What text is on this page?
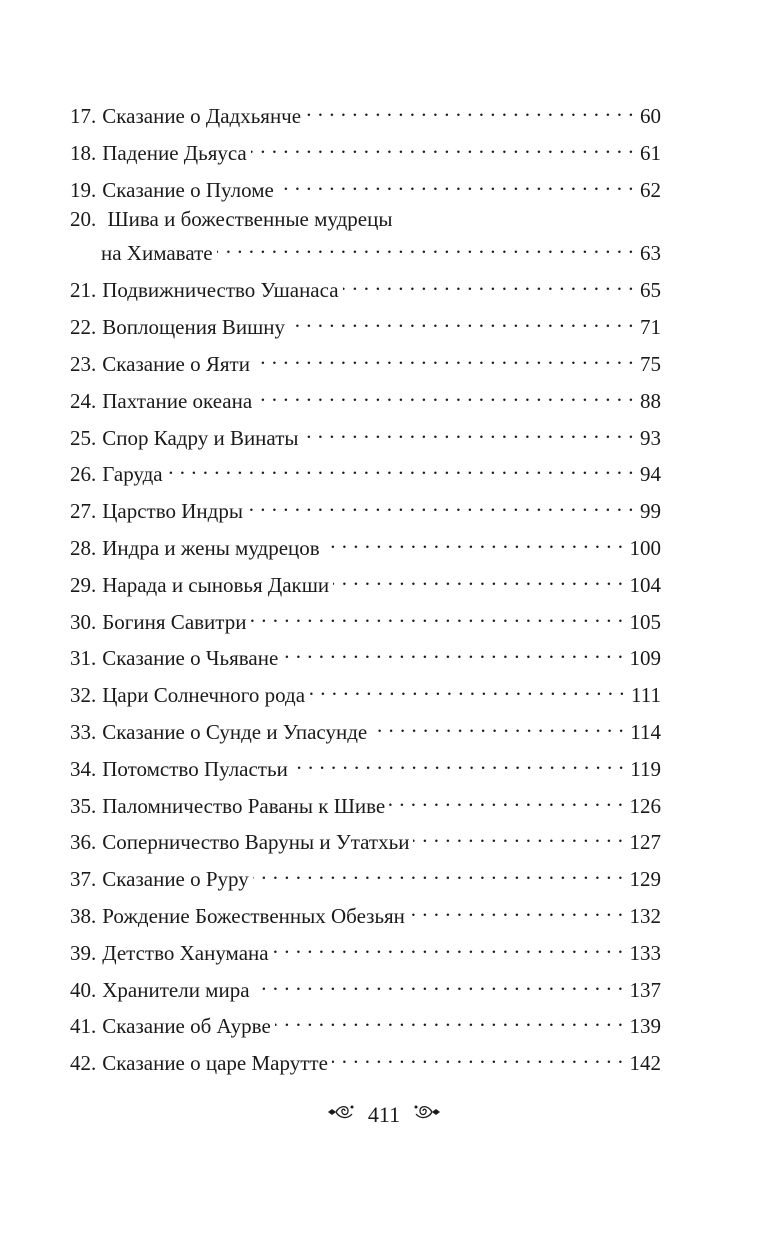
17. Сказание о Дадхьянче . . .	60
18. Падение Дьяуса . . .	61
19. Сказание о Пуломе . . .	62
20. Шива и божественные мудрецы
на Химавате . . .	63
21. Подвижничество Ушанаса . . .	65
22. Воплощения Вишну . . .	71
23. Сказание о Яяти . . .	75
24. Пахтание океана . . .	88
25. Спор Кадру и Винаты . . .	93
26. Гаруда . . .	94
27. Царство Индры . . .	99
28. Индра и жены мудрецов . . .	100
29. Нарада и сыновья Дакши . . .	104
30. Богиня Савитри . . .	105
31. Сказание о Чьяване . . .	109
32. Цари Солнечного рода . . .	111
33. Сказание о Сунде и Упасунде . . .	114
34. Потомство Пуластьи . . .	119
35. Паломничество Раваны к Шиве . . .	126
36. Соперничество Варуны и Утатхьи . . .	127
37. Сказание о Руру . . .	129
38. Рождение Божественных Обезьян . . .	132
39. Детство Ханумана . . .	133
40. Хранители мира . . .	137
41. Сказание об Аурве . . .	139
42. Сказание о царе Марутте . . .	142
411
